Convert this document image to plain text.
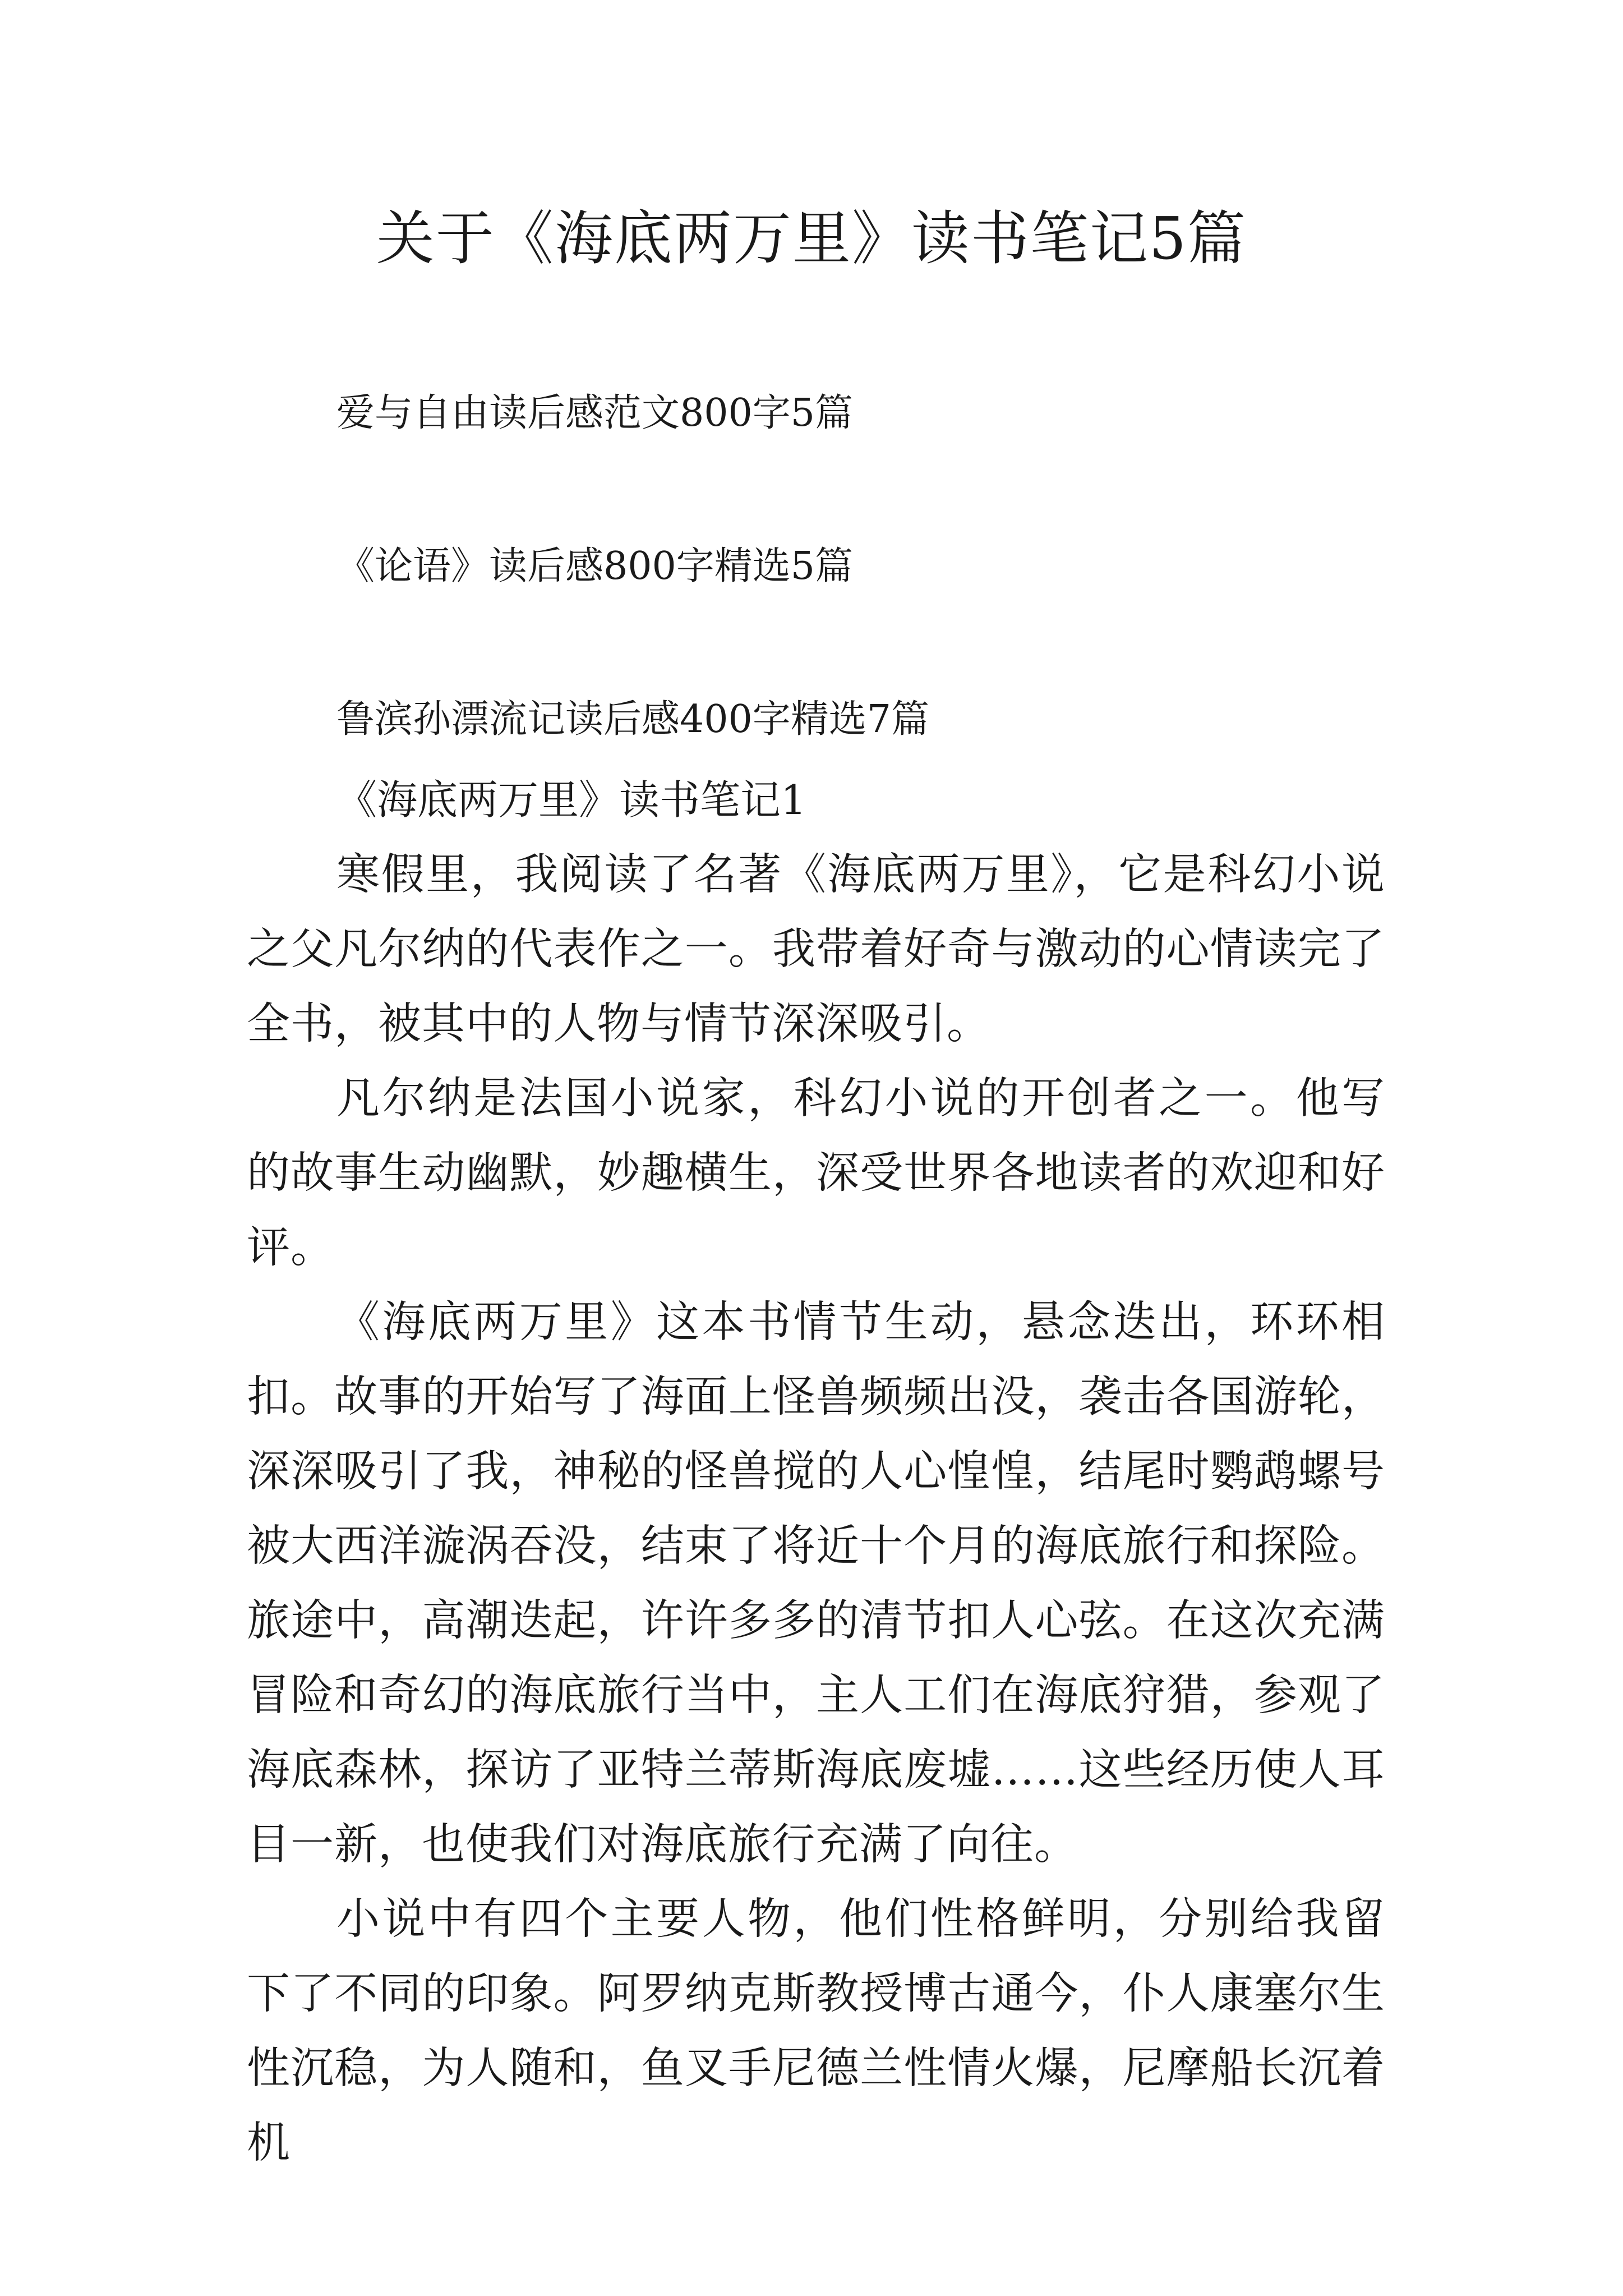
关于《海底两万里》读书笔记5篇
爱与自由读后感范文800字5篇
《论语》读后感800字精选5篇
鲁滨孙漂流记读后感400字精选7篇
《海底两万里》读书笔记1

寒假里，我阅读了名著《海底两万里》，它是科幻小说之父凡尔纳的代表作之一。我带着好奇与激动的心情读完了全书，被其中的人物与情节深深吸引。

凡尔纳是法国小说家，科幻小说的开创者之一。他写的故事生动幽默，妙趣横生，深受世界各地读者的欢迎和好评。

《海底两万里》这本书情节生动，悬念迭出，环环相扣。故事的开始写了海面上怪兽频频出没，袭击各国游轮，深深吸引了我，神秘的怪兽搅的人心惶惶，结尾时鹦鹉螺号被大西洋漩涡吞没，结束了将近十个月的海底旅行和探险。旅途中，高潮迭起，许许多多的清节扣人心弦。在这次充满冒险和奇幻的海底旅行当中，主人工们在海底狩猎，参观了海底森林，探访了亚特兰蒂斯海底废墟……这些经历使人耳目一新，也使我们对海底旅行充满了向往。

小说中有四个主要人物，他们性格鲜明，分别给我留下了不同的印象。阿罗纳克斯教授博古通今，仆人康塞尔生性沉稳，为人随和，鱼叉手尼德兰性情火爆，尼摩船长沉着机
